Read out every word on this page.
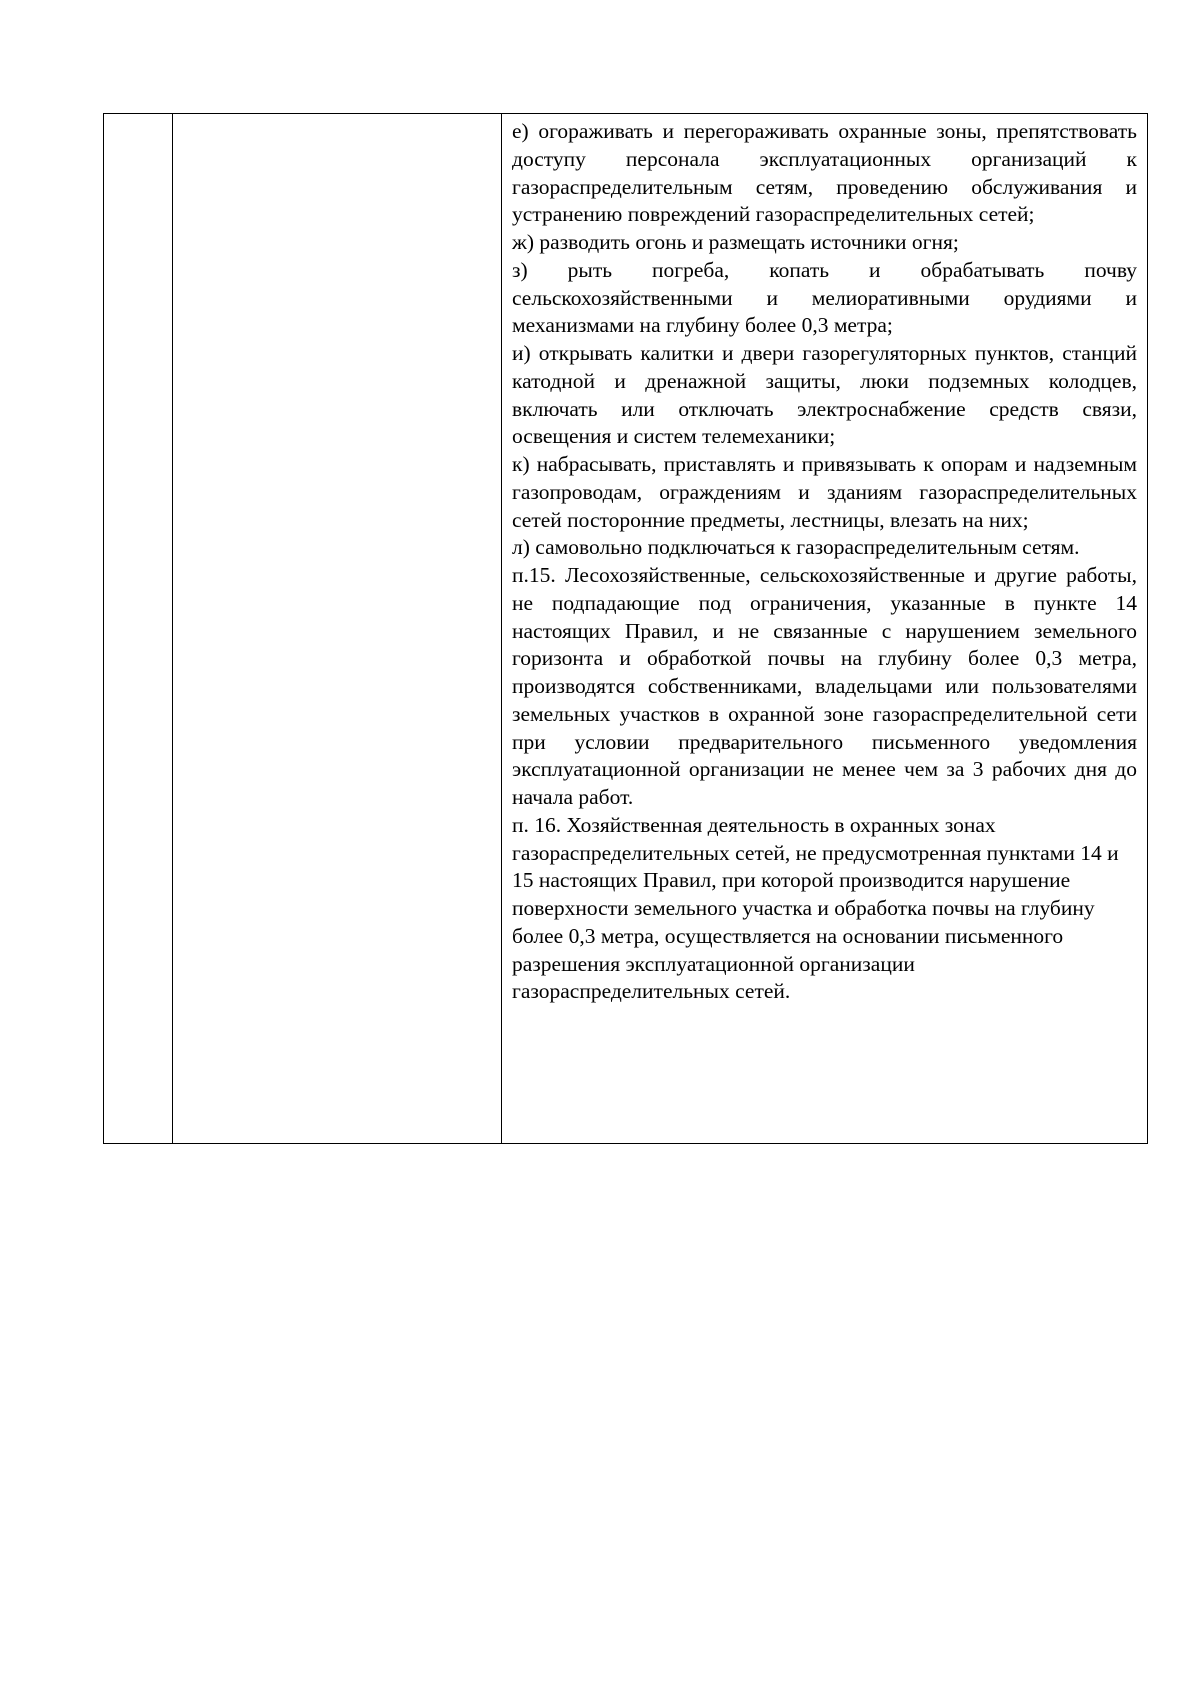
е) огораживать и перегораживать охранные зоны, препятствовать доступу персонала эксплуатационных организаций к газораспределительным сетям, проведению обслуживания и устранению повреждений газораспределительных сетей;

ж) разводить огонь и размещать источники огня;

з) рыть погреба, копать и обрабатывать почву сельскохозяйственными и мелиоративными орудиями и механизмами на глубину более 0,3 метра;

и) открывать калитки и двери газорегуляторных пунктов, станций катодной и дренажной защиты, люки подземных колодцев, включать или отключать электроснабжение средств связи, освещения и систем телемеханики;

к) набрасывать, приставлять и привязывать к опорам и надземным газопроводам, ограждениям и зданиям газораспределительных сетей посторонние предметы, лестницы, влезать на них;

л) самовольно подключаться к газораспределительным сетям.

п.15. Лесохозяйственные, сельскохозяйственные и другие работы, не подпадающие под ограничения, указанные в пункте 14 настоящих Правил, и не связанные с нарушением земельного горизонта и обработкой почвы на глубину более 0,3 метра, производятся собственниками, владельцами или пользователями земельных участков в охранной зоне газораспределительной сети при условии предварительного письменного уведомления эксплуатационной организации не менее чем за 3 рабочих дня до начала работ.

п. 16. Хозяйственная деятельность в охранных зонах газораспределительных сетей, не предусмотренная пунктами 14 и 15 настоящих Правил, при которой производится нарушение поверхности земельного участка и обработка почвы на глубину более 0,3 метра, осуществляется на основании письменного разрешения эксплуатационной организации газораспределительных сетей.
